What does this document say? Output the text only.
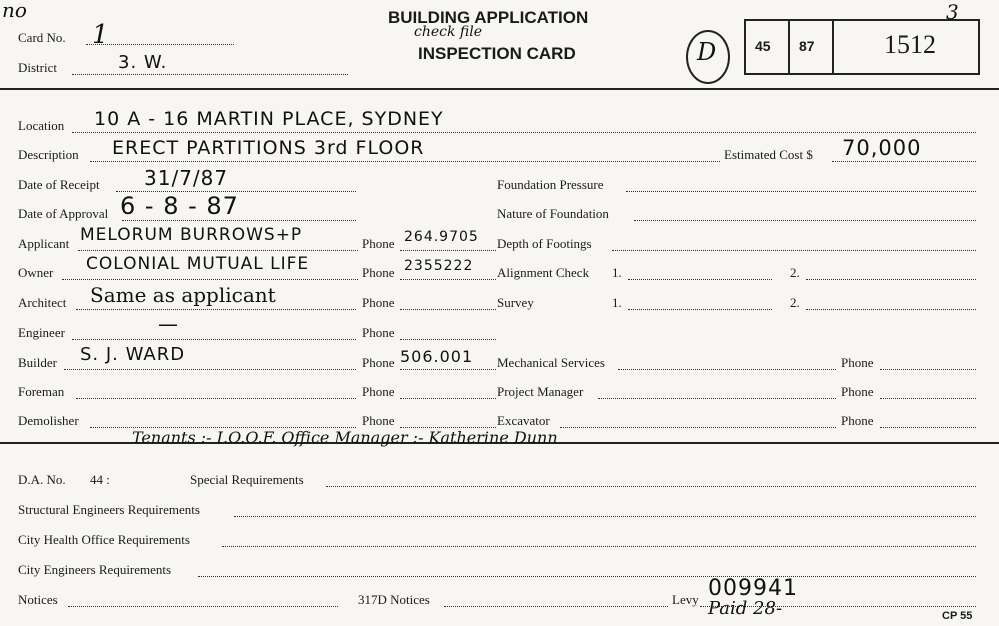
no
Card No. 1
District	3. W.
BUILDING APPLICATION
check file
INSPECTION CARD	D	45 87	1512
3
Location 10 A - 16 MARTIN PLACE, SYDNEY
Description ERECT PARTITIONS 3rd FLOOR	Estimated Cost $ 70,000
Date of Receipt 31/7/87
Date of Approval 6 - 8 - 87
Applicant MELORUM BURROWS+P	Phone 264.9705
Owner COLONIAL MUTUAL LIFE	Phone 2355222
Architect Same as applicant	Phone
Engineer	—	Phone
Builder S. J. WARD	Phone 506.001
Foreman	Phone
Demolisher	Phone
Foundation Pressure
Nature of Foundation
Depth of Footings
Alignment Check 1.	2.
Survey	1.	2.
Mechanical Services	Phone
Project Manager	Phone
Excavator	Phone
Tenants :- I.O.O.F. Office Manager :- Katherine Dunn
D.A. No. 44 :	Special Requirements
Structural Engineers Requirements
City Health Office Requirements
City Engineers Requirements
Notices	317D Notices	Levy 009941
Paid 28-	CP 55
